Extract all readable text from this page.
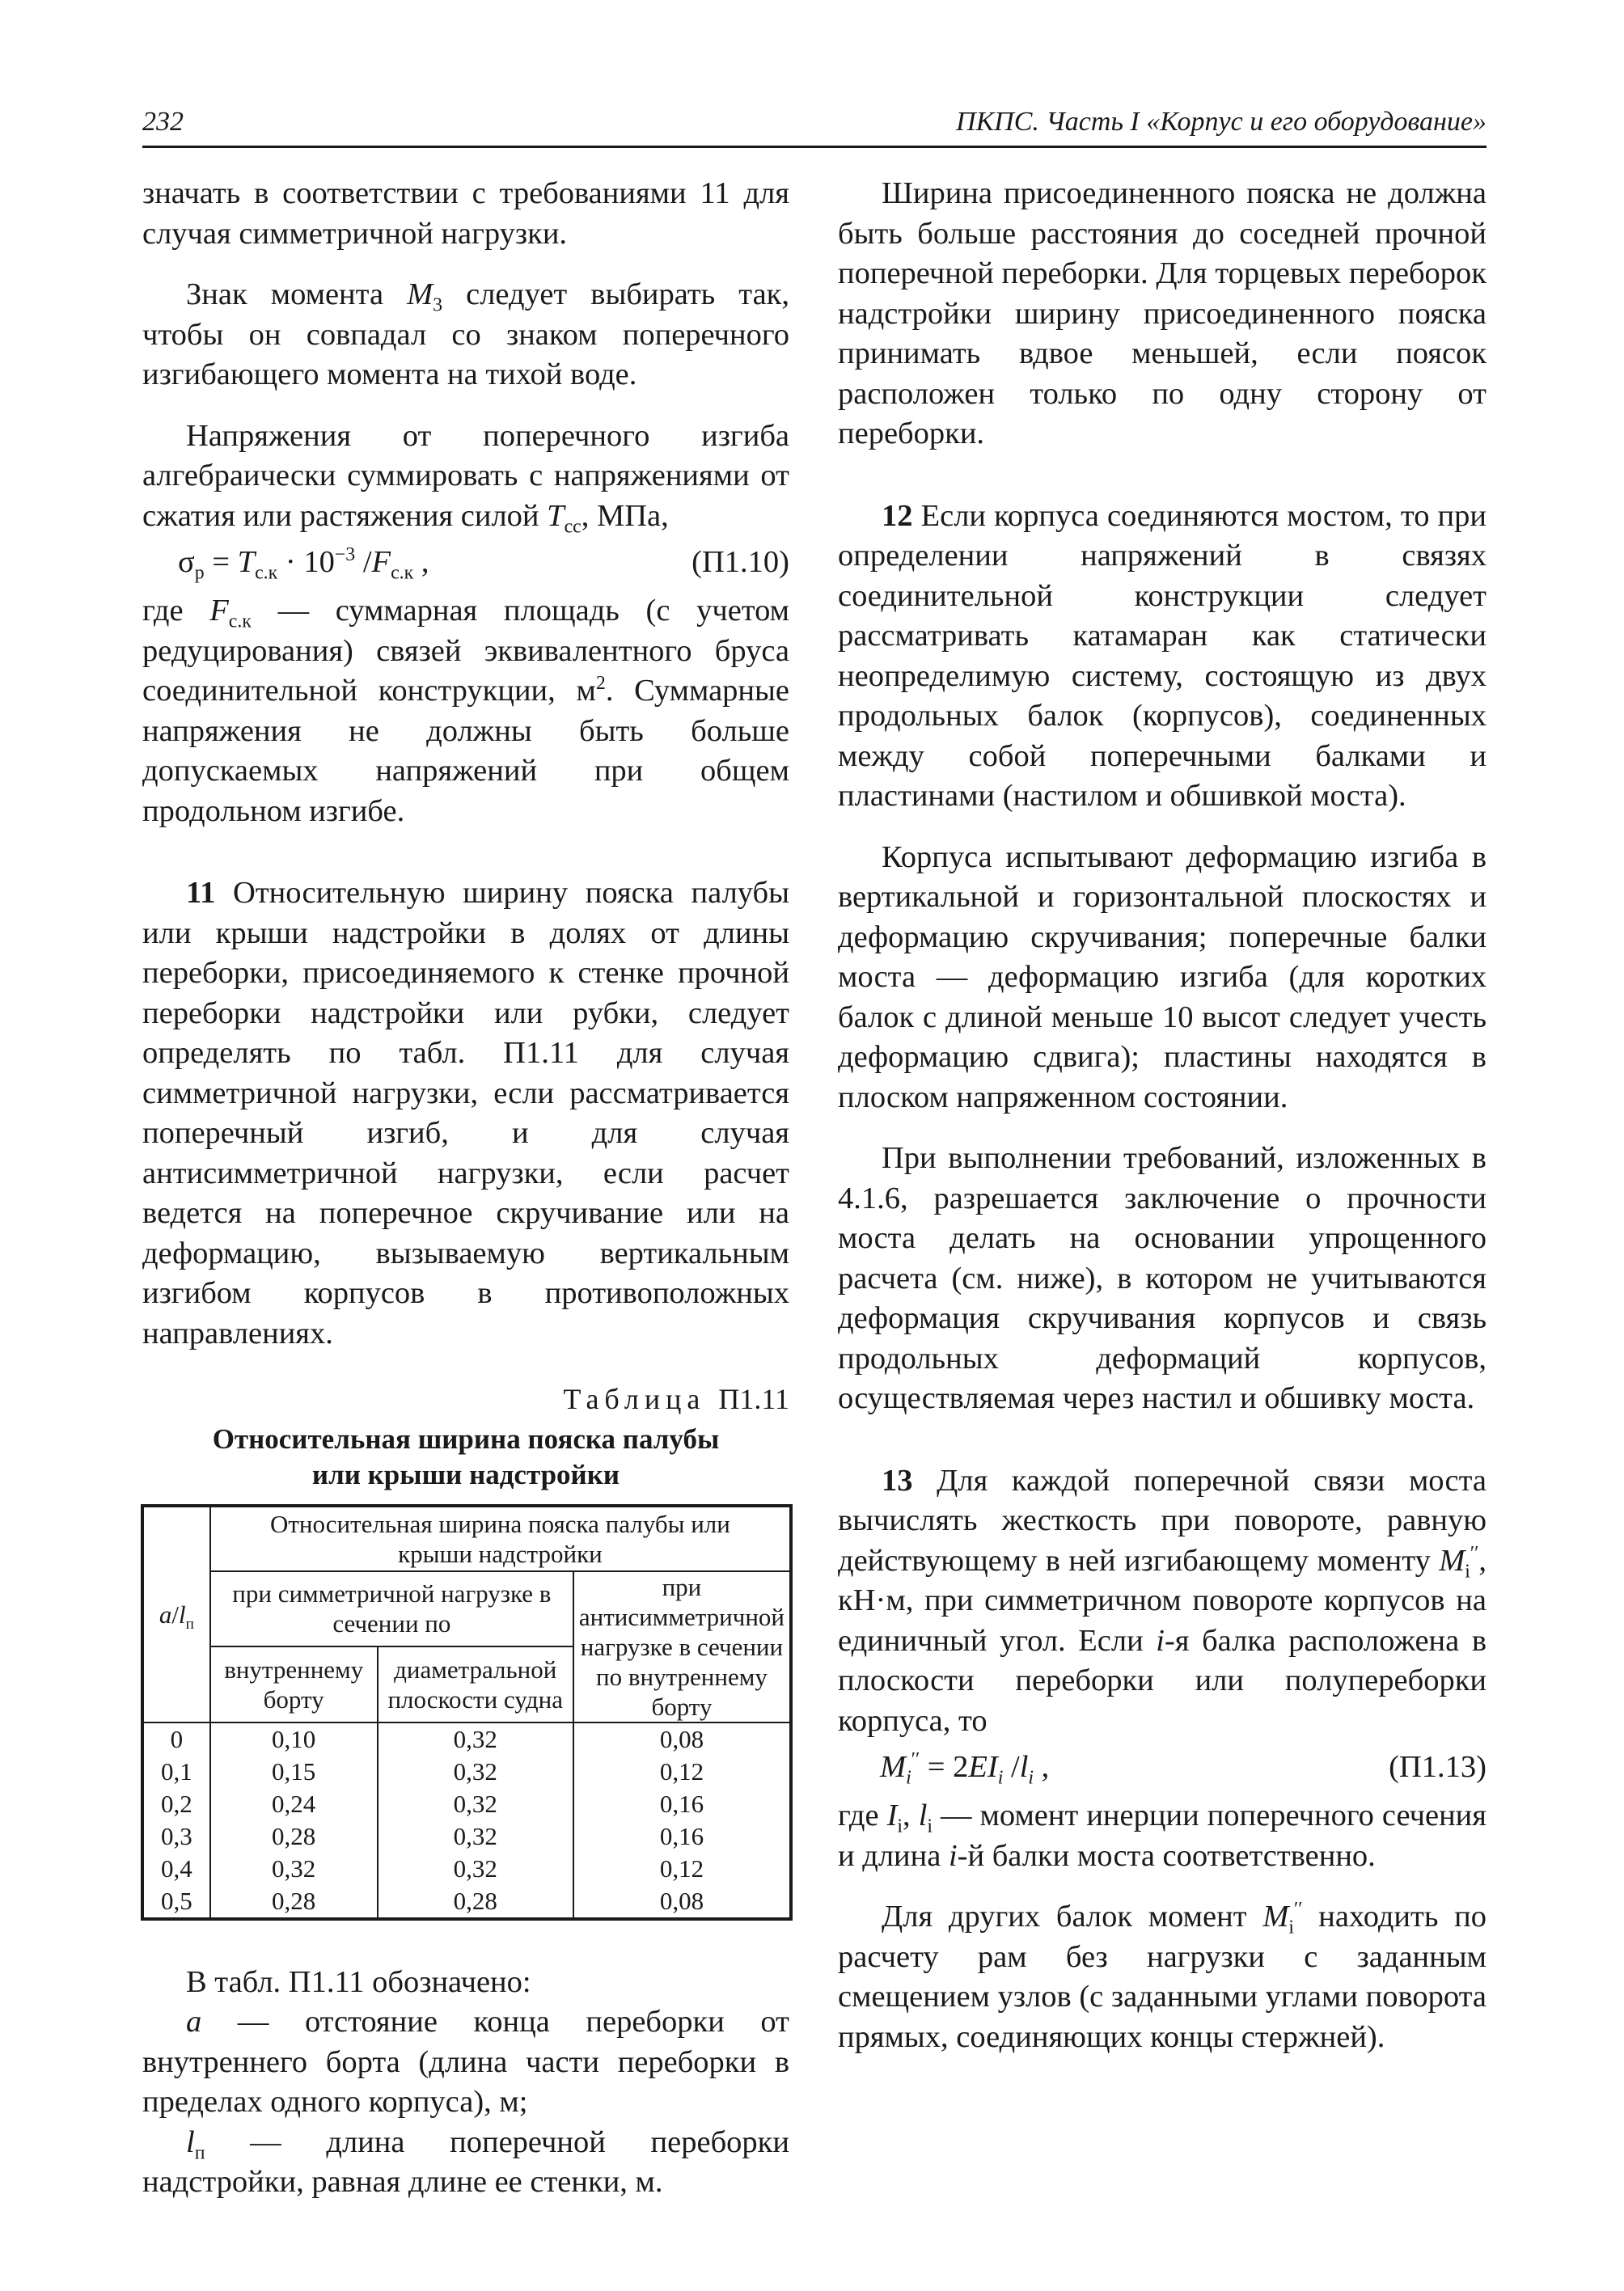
232	ПКПС. Часть I «Корпус и его оборудование»

значать в соответствии с требованиями 11 для случая симметричной нагрузки.

Знак момента $M_3$ следует выбирать так, чтобы он совпадал со знаком поперечного изгибающего момента на тихой воде.

Напряжения от поперечного изгиба алгебраически суммировать с напряжениями от сжатия или растяжения силой $T_{cc}$, МПа,

$\sigma_р = T_{с.к} \cdot 10^{-3}$ $/F_{с.к}$ ,	(П1.10)

где $F_{с.к}$ — суммарная площадь (с учетом редуцирования) связей эквивалентного бруса соединительной конструкции, $м^2$. Суммарные напряжения не должны быть больше допускаемых напряжений при общем продольном изгибе.

11 Относительную ширину пояска палубы или крыши надстройки в долях от длины переборки, присоединяемого к стенке прочной переборки надстройки или рубки, следует определять по табл. П1.11 для случая симметричной нагрузки, если рассматривается поперечный изгиб, и для случая антисимметричной нагрузки, если расчет ведется на поперечное скручивание или на деформацию, вызываемую вертикальным изгибом корпусов в противоположных направлениях.

Таблица П1.11
Относительная ширина пояска палубы
или крыши надстройки
$a/l_п$	Относительная ширина пояска палубы или крыши надстройки		
	при симметричной нагрузке в сечении по		при антисимметричной нагрузке в сечении по внутреннему борту
	внутреннему борту	диаметральной плоскости судна	
0	0,10	0,32	0,08
0,1	0,15	0,32	0,12
0,2	0,24	0,32	0,16
0,3	0,28	0,32	0,16
0,4	0,32	0,32	0,12
0,5	0,28	0,28	0,08

В табл. П1.11 обозначено:

a — отстояние конца переборки от внутреннего борта (длина части переборки в пределах одного корпуса), м;

$l_п$ — длина поперечной переборки надстройки, равная длине ее стенки, м.

Ширина присоединенного пояска не должна быть больше расстояния до соседней прочной поперечной переборки. Для торцевых переборок надстройки ширину присоединенного пояска принимать вдвое меньшей, если поясок расположен только по одну сторону от переборки.

12 Если корпуса соединяются мостом, то при определении напряжений в связях соединительной конструкции следует рассматривать катамаран как статически неопределимую систему, состоящую из двух продольных балок (корпусов), соединенных между собой поперечными балками и пластинами (настилом и обшивкой моста).

Корпуса испытывают деформацию изгиба в вертикальной и горизонтальной плоскостях и деформацию скручивания; поперечные балки моста — деформацию изгиба (для коротких балок с длиной меньше 10 высот следует учесть деформацию сдвига); пластины находятся в плоском напряженном состоянии.

При выполнении требований, изложенных в 4.1.6, разрешается заключение о прочности моста делать на основании упрощенного расчета (см. ниже), в котором не учитываются деформация скручивания корпусов и связь продольных деформаций корпусов, осуществляемая через настил и обшивку моста.

13 Для каждой поперечной связи моста вычислять жесткость при повороте, равную действующему в ней изгибающему моменту $M_i''$, кН·м, при симметричном повороте корпусов на единичный угол. Если i-я балка расположена в плоскости переборки или полупереборки корпуса, то

$M_i'' = 2EI_i$ $/l_i$ ,	(П1.13)

где $I_i$, $l_i$ — момент инерции поперечного сечения и длина i-й балки моста соответственно.

Для других балок момент $M_i''$ находить по расчету рам без нагрузки с заданным смещением узлов (с заданными углами поворота прямых, соединяющих концы стержней).
